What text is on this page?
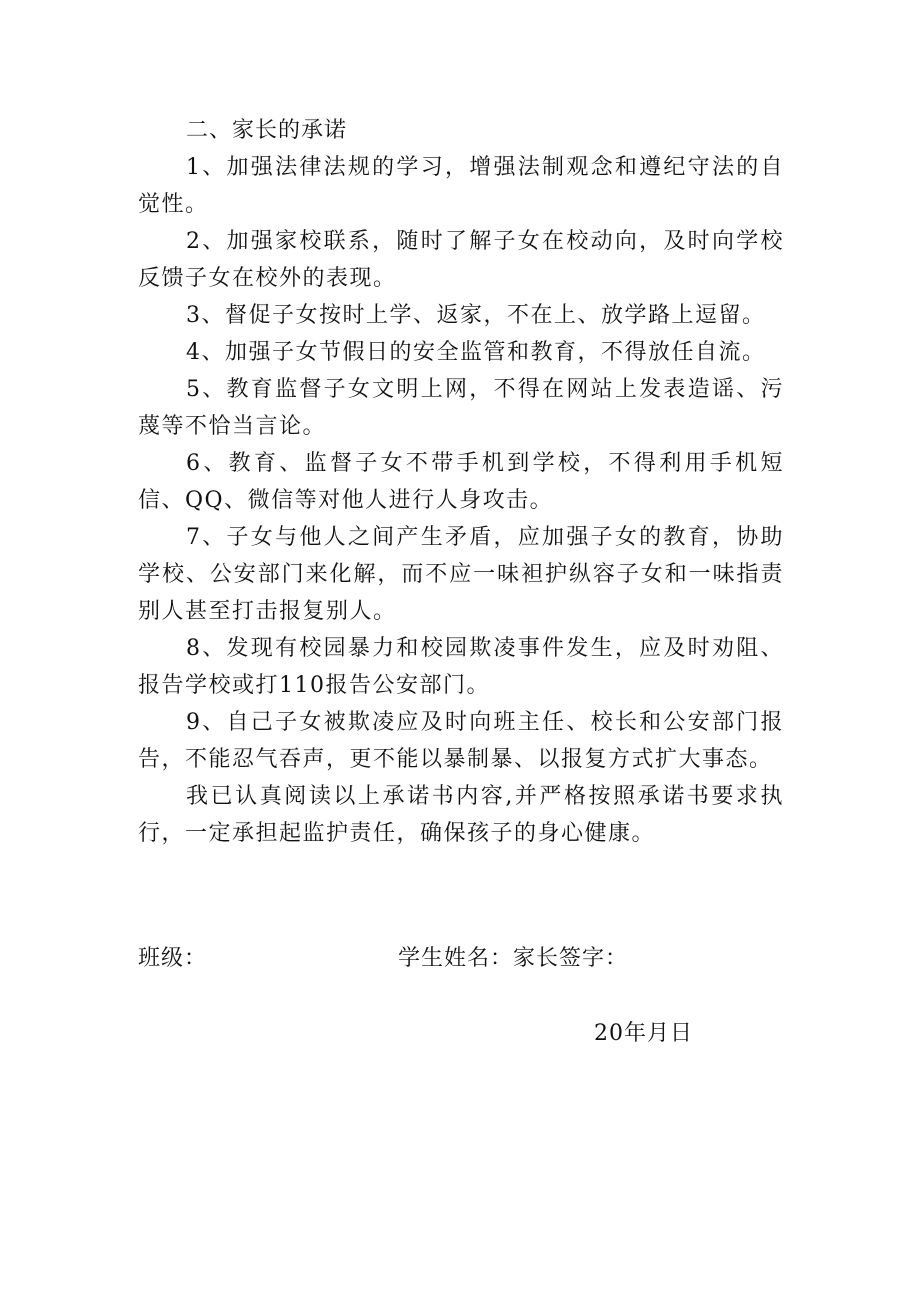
二、家长的承诺

1、加强法律法规的学习，增强法制观念和遵纪守法的自觉性。

2、加强家校联系，随时了解子女在校动向，及时向学校反馈子女在校外的表现。

3、督促子女按时上学、返家，不在上、放学路上逗留。

4、加强子女节假日的安全监管和教育，不得放任自流。

5、教育监督子女文明上网，不得在网站上发表造谣、污蔑等不恰当言论。

6、教育、监督子女不带手机到学校，不得利用手机短信、QQ、微信等对他人进行人身攻击。

7、子女与他人之间产生矛盾，应加强子女的教育，协助学校、公安部门来化解，而不应一味袒护纵容子女和一味指责别人甚至打击报复别人。

8、发现有校园暴力和校园欺凌事件发生，应及时劝阻、报告学校或打110报告公安部门。

9、自己子女被欺凌应及时向班主任、校长和公安部门报告，不能忍气吞声，更不能以暴制暴、以报复方式扩大事态。

我已认真阅读以上承诺书内容,并严格按照承诺书要求执行，一定承担起监护责任，确保孩子的身心健康。

班级：	学生姓名：家长签字：
20年月日
